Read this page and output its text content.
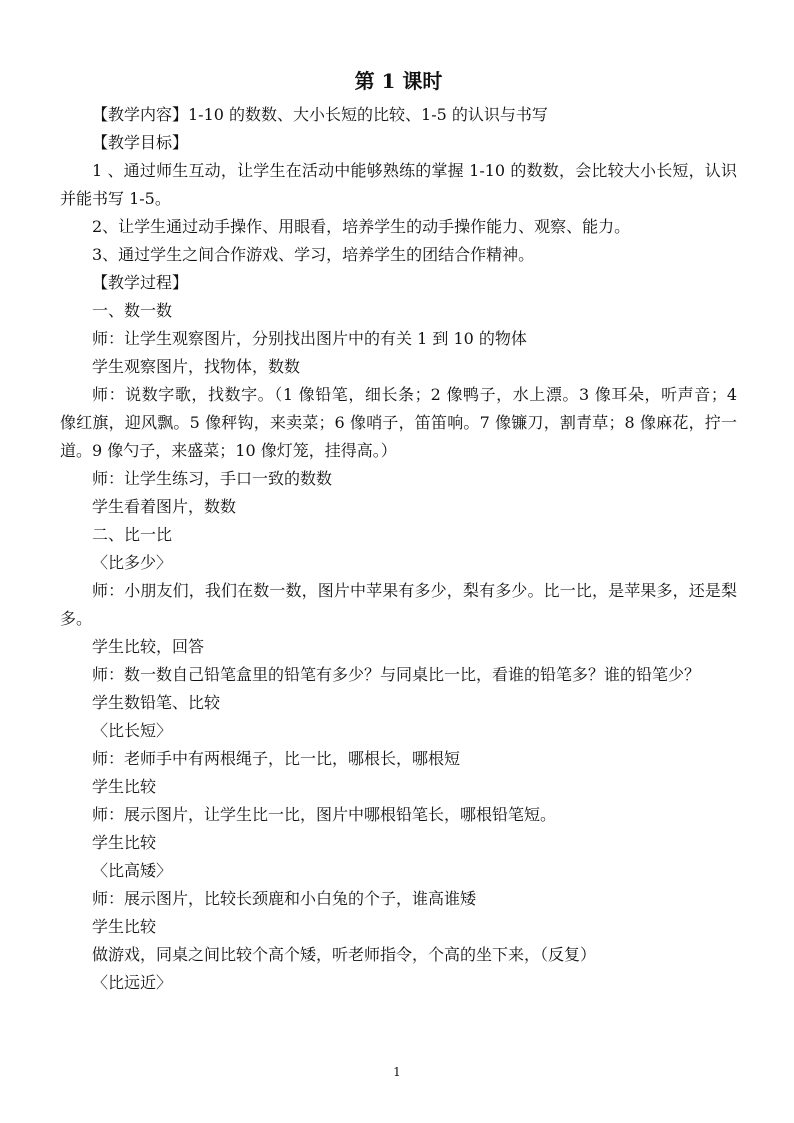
第 1 课时

【教学内容】1-10 的数数、大小长短的比较、1-5 的认识与书写

【教学目标】

1 、通过师生互动，让学生在活动中能够熟练的掌握 1-10 的数数，会比较大小长短，认识并能书写 1-5。

2、让学生通过动手操作、用眼看，培养学生的动手操作能力、观察、能力。

3、通过学生之间合作游戏、学习，培养学生的团结合作精神。

【教学过程】

一、数一数

师：让学生观察图片，分别找出图片中的有关 1 到 10 的物体

学生观察图片，找物体，数数

师：说数字歌，找数字。（1 像铅笔，细长条；2 像鸭子，水上漂。3 像耳朵，听声音；4 像红旗，迎风飘。5 像秤钩，来卖菜；6 像哨子，笛笛响。7 像镰刀，割青草；8 像麻花，拧一道。9 像勺子，来盛菜；10 像灯笼，挂得高。）

师：让学生练习，手口一致的数数

学生看着图片，数数

二、比一比

〈比多少〉

师：小朋友们，我们在数一数，图片中苹果有多少，梨有多少。比一比，是苹果多，还是梨多。

学生比较，回答

师：数一数自己铅笔盒里的铅笔有多少？与同桌比一比，看谁的铅笔多？谁的铅笔少？

学生数铅笔、比较

〈比长短〉

师：老师手中有两根绳子，比一比，哪根长，哪根短

学生比较

师：展示图片，让学生比一比，图片中哪根铅笔长，哪根铅笔短。

学生比较

〈比高矮〉

师：展示图片，比较长颈鹿和小白兔的个子，谁高谁矮

学生比较

做游戏，同桌之间比较个高个矮，听老师指令，个高的坐下来，（反复）

〈比远近〉

1
